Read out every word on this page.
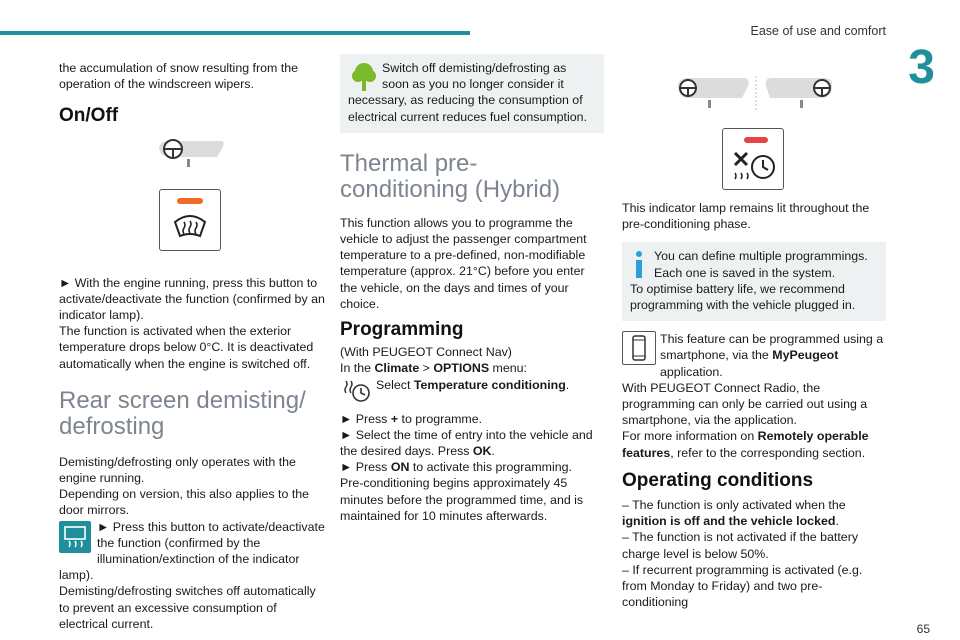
Ease of use and comfort
3

the accumulation of snow resulting from the operation of the windscreen wipers.

On/Off

► With the engine running, press this button to activate/deactivate the function (confirmed by an indicator lamp).

The function is activated when the exterior temperature drops below 0°C. It is deactivated automatically when the engine is switched off.

Rear screen demisting/ defrosting

Demisting/defrosting only operates with the engine running.

Depending on version, this also applies to the door mirrors.

► Press this button to activate/deactivate the function (confirmed by the illumination/extinction of the indicator lamp).

Demisting/defrosting switches off automatically to prevent an excessive consumption of electrical current.

Switch off demisting/defrosting as soon as you no longer consider it necessary, as reducing the consumption of electrical current reduces fuel consumption.

Thermal pre-conditioning (Hybrid)

This function allows you to programme the vehicle to adjust the passenger compartment temperature to a pre-defined, non-modifiable temperature (approx. 21°C) before you enter the vehicle, on the days and times of your choice.

Programming

(With PEUGEOT Connect Nav)

In the Climate > OPTIONS menu:

Select Temperature conditioning.

► Press + to programme.

► Select the time of entry into the vehicle and the desired days. Press OK.

► Press ON to activate this programming.

Pre-conditioning begins approximately 45 minutes before the programmed time, and is maintained for 10 minutes afterwards.

This indicator lamp remains lit throughout the pre-conditioning phase.

You can define multiple programmings. Each one is saved in the system.

To optimise battery life, we recommend programming with the vehicle plugged in.

This feature can be programmed using a smartphone, via the MyPeugeot application.

With PEUGEOT Connect Radio, the programming can only be carried out using a smartphone, via the application.

For more information on Remotely operable features, refer to the corresponding section.

Operating conditions

– The function is only activated when the ignition is off and the vehicle locked.

– The function is not activated if the battery charge level is below 50%.

– If recurrent programming is activated (e.g. from Monday to Friday) and two pre-conditioning

65
